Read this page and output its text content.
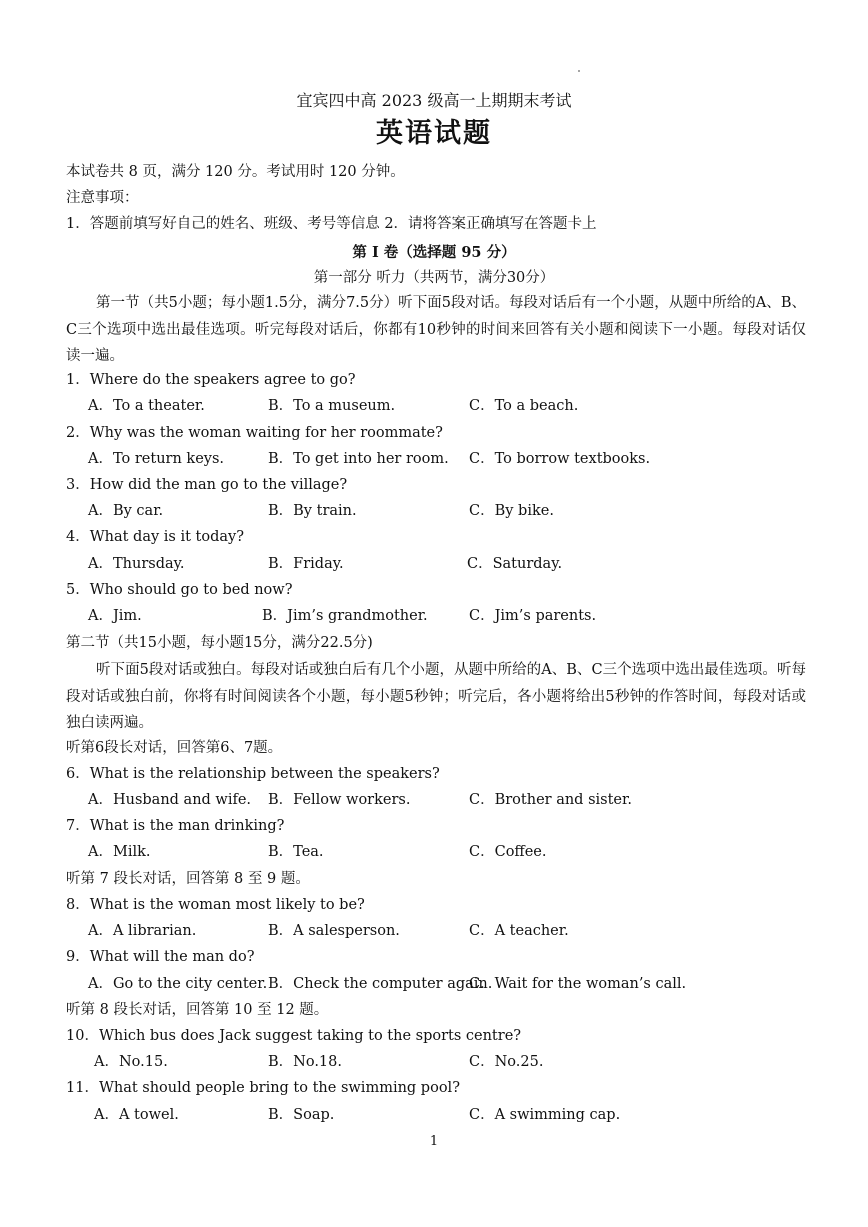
宜宾四中高 2023 级高一上期期末考试
英语试题
本试卷共 8 页，满分 120 分。考试用时 120 分钟。
注意事项：
1．答题前填写好自己的姓名、班级、考号等信息 2．请将答案正确填写在答题卡上
第 I 卷（选择题 95 分）
第一部分 听力（共两节，满分30分）
第一节（共5小题；每小题1.5分，满分7.5分）听下面5段对话。每段对话后有一个小题，从题中所给的A、B、C三个选项中选出最佳选项。听完每段对话后，你都有10秒钟的时间来回答有关小题和阅读下一小题。每段对话仅读一遍。
1．Where do the speakers agree to go?
A．To a theater.	B．To a museum.	C．To a beach.
2．Why was the woman waiting for her roommate?
A．To return keys.	B．To get into her room. C．To borrow textbooks.
3．How did the man go to the village?
A．By car.	B．By train.	C．By bike.
4．What day is it today?
A．Thursday.	B．Friday.	C．Saturday.
5．Who should go to bed now?
A．Jim.	B．Jim’s grandmother.	C．Jim’s parents.
第二节（共15小题，每小题15分，满分22.5分)
听下面5段对话或独白。每段对话或独白后有几个小题，从题中所给的A、B、C三个选项中选出最佳选项。听每段对话或独白前，你将有时间阅读各个小题，每小题5秒钟；听完后，各小题将给出5秒钟的作答时间，每段对话或独白读两遍。
听第6段长对话，回答第6、7题。
6．What is the relationship between the speakers?
A．Husband and wife. B．Fellow workers.	C．Brother and sister.
7．What is the man drinking?
A．Milk.	B．Tea.	C．Coffee.
听第 7 段长对话，回答第 8 至 9 题。
8．What is the woman most likely to be?
A．A librarian.	B．A salesperson.	C．A teacher.
9．What will the man do?
A．Go to the city center. B．Check the computer again.
C．Wait for the woman’s call.
听第 8 段长对话，回答第 10 至 12 题。
10．Which bus does Jack suggest taking to the sports centre?
A．No.15.	B．No.18.	C．No.25.
11．What should people bring to the swimming pool?
A．A towel.	B．Soap.	C．A swimming cap.
1
